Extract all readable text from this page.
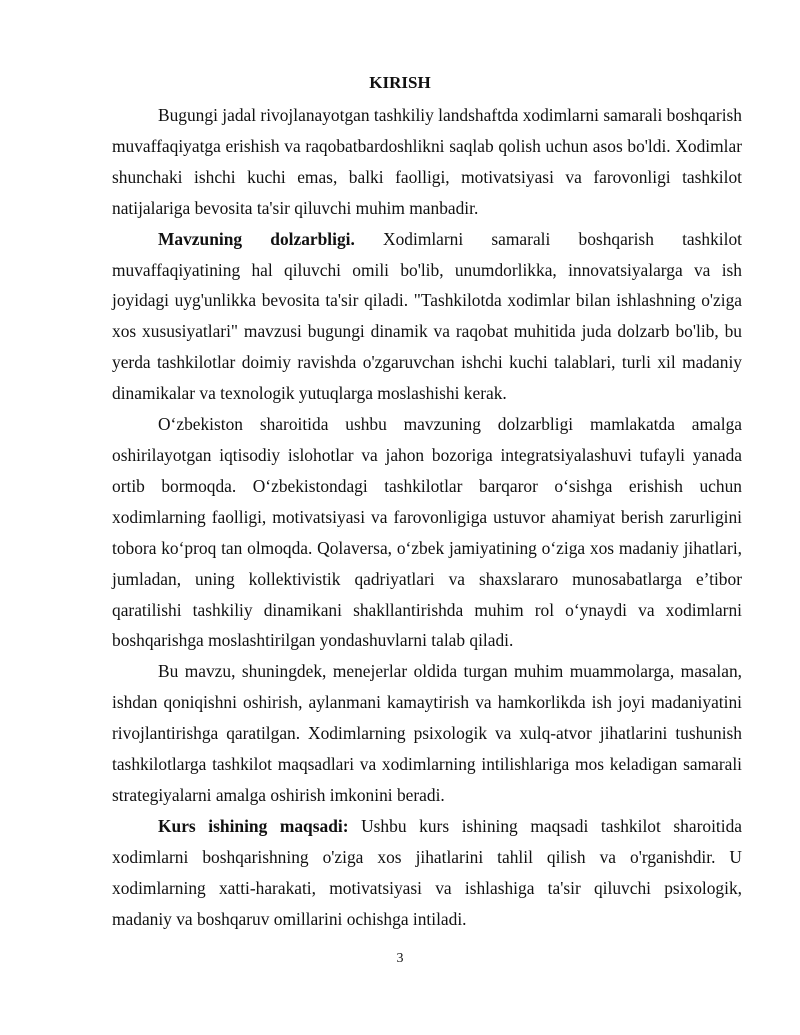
KIRISH

Bugungi jadal rivojlanayotgan tashkiliy landshaftda xodimlarni samarali boshqarish muvaffaqiyatga erishish va raqobatbardoshlikni saqlab qolish uchun asos bo'ldi. Xodimlar shunchaki ishchi kuchi emas, balki faolligi, motivatsiyasi va farovonligi tashkilot natijalariga bevosita ta'sir qiluvchi muhim manbadir.

Mavzuning dolzarbligi. Xodimlarni samarali boshqarish tashkilot muvaffaqiyatining hal qiluvchi omili bo'lib, unumdorlikka, innovatsiyalarga va ish joyidagi uyg'unlikka bevosita ta'sir qiladi. "Tashkilotda xodimlar bilan ishlashning o'ziga xos xususiyatlari" mavzusi bugungi dinamik va raqobat muhitida juda dolzarb bo'lib, bu yerda tashkilotlar doimiy ravishda o'zgaruvchan ishchi kuchi talablari, turli xil madaniy dinamikalar va texnologik yutuqlarga moslashishi kerak.

O‘zbekiston sharoitida ushbu mavzuning dolzarbligi mamlakatda amalga oshirilayotgan iqtisodiy islohotlar va jahon bozoriga integratsiyalashuvi tufayli yanada ortib bormoqda. O‘zbekistondagi tashkilotlar barqaror o‘sishga erishish uchun xodimlarning faolligi, motivatsiyasi va farovonligiga ustuvor ahamiyat berish zarurligini tobora ko‘proq tan olmoqda. Qolaversa, o‘zbek jamiyatining o‘ziga xos madaniy jihatlari, jumladan, uning kollektivistik qadriyatlari va shaxslararo munosabatlarga e’tibor qaratilishi tashkiliy dinamikani shakllantirishda muhim rol o‘ynaydi va xodimlarni boshqarishga moslashtirilgan yondashuvlarni talab qiladi.

Bu mavzu, shuningdek, menejerlar oldida turgan muhim muammolarga, masalan, ishdan qoniqishni oshirish, aylanmani kamaytirish va hamkorlikda ish joyi madaniyatini rivojlantirishga qaratilgan. Xodimlarning psixologik va xulq-atvor jihatlarini tushunish tashkilotlarga tashkilot maqsadlari va xodimlarning intilishlariga mos keladigan samarali strategiyalarni amalga oshirish imkonini beradi.

Kurs ishining maqsadi: Ushbu kurs ishining maqsadi tashkilot sharoitida xodimlarni boshqarishning o'ziga xos jihatlarini tahlil qilish va o'rganishdir. U xodimlarning xatti-harakati, motivatsiyasi va ishlashiga ta'sir qiluvchi psixologik, madaniy va boshqaruv omillarini ochishga intiladi.

3
